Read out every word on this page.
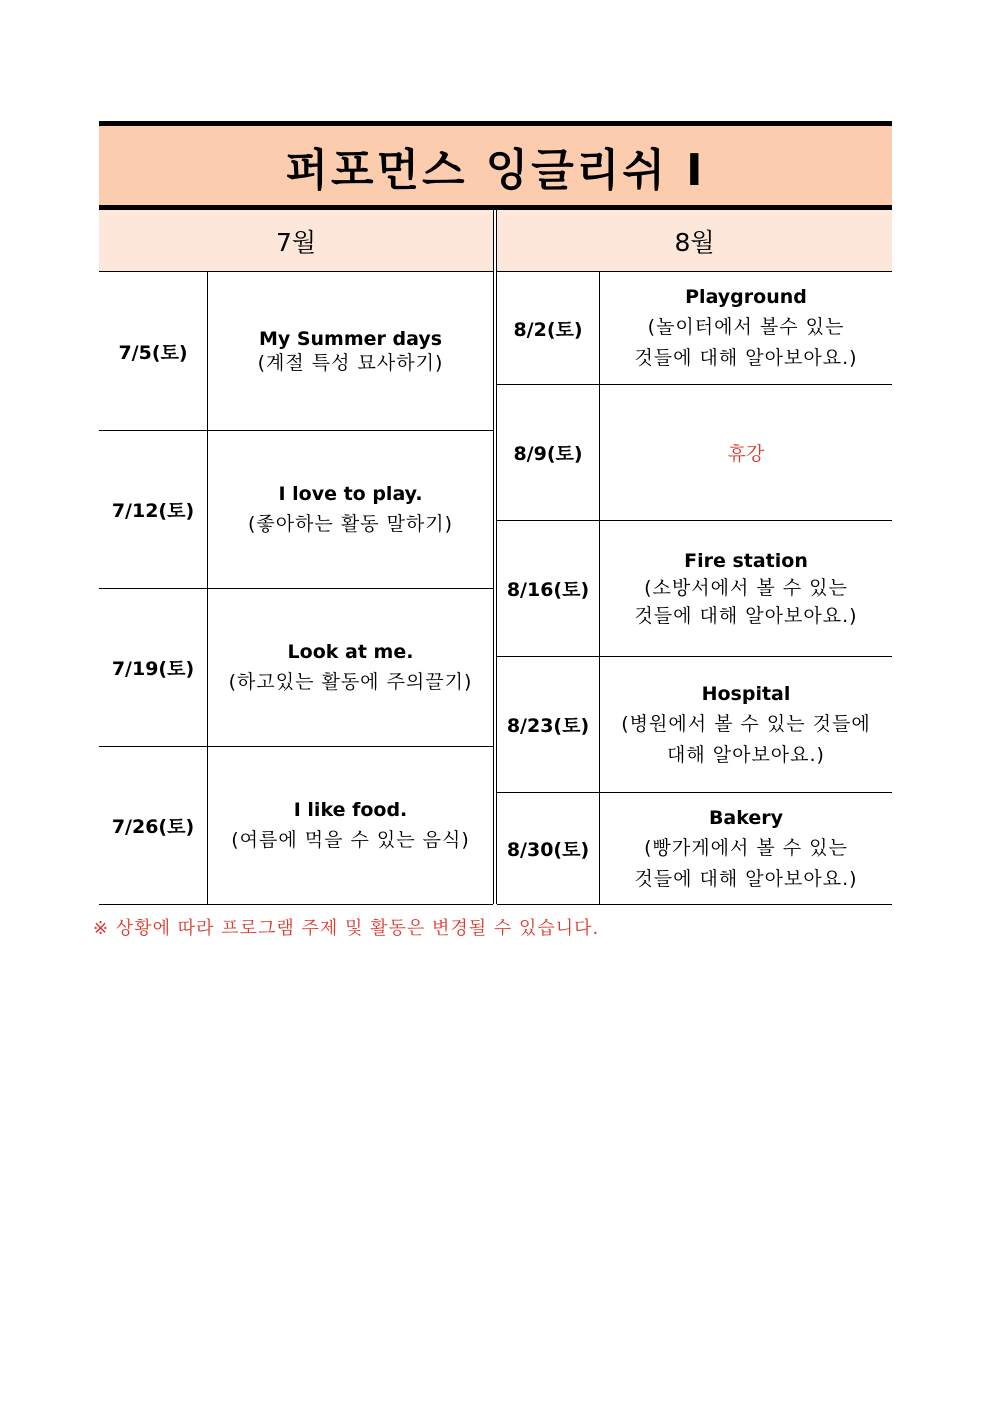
퍼포먼스 잉글리쉬 I
7월	8월
7/5(토)
My Summer days
(계절 특성 묘사하기)
7/12(토)
I love to play.
(좋아하는 활동 말하기)
7/19(토)
Look at me.
(하고있는 활동에 주의끌기)
7/26(토)
I like food.
(여름에 먹을 수 있는 음식)
8/2(토)
Playground
(놀이터에서 볼수 있는
것들에 대해 알아보아요.)
8/9(토)	휴강
8/16(토)
Fire station
(소방서에서 볼 수 있는
것들에 대해 알아보아요.)
8/23(토)
Hospital
(병원에서 볼 수 있는 것들에
대해 알아보아요.)
8/30(토)
Bakery
(빵가게에서 볼 수 있는
것들에 대해 알아보아요.)
※ 상황에 따라 프로그램 주제 및 활동은 변경될 수 있습니다.
